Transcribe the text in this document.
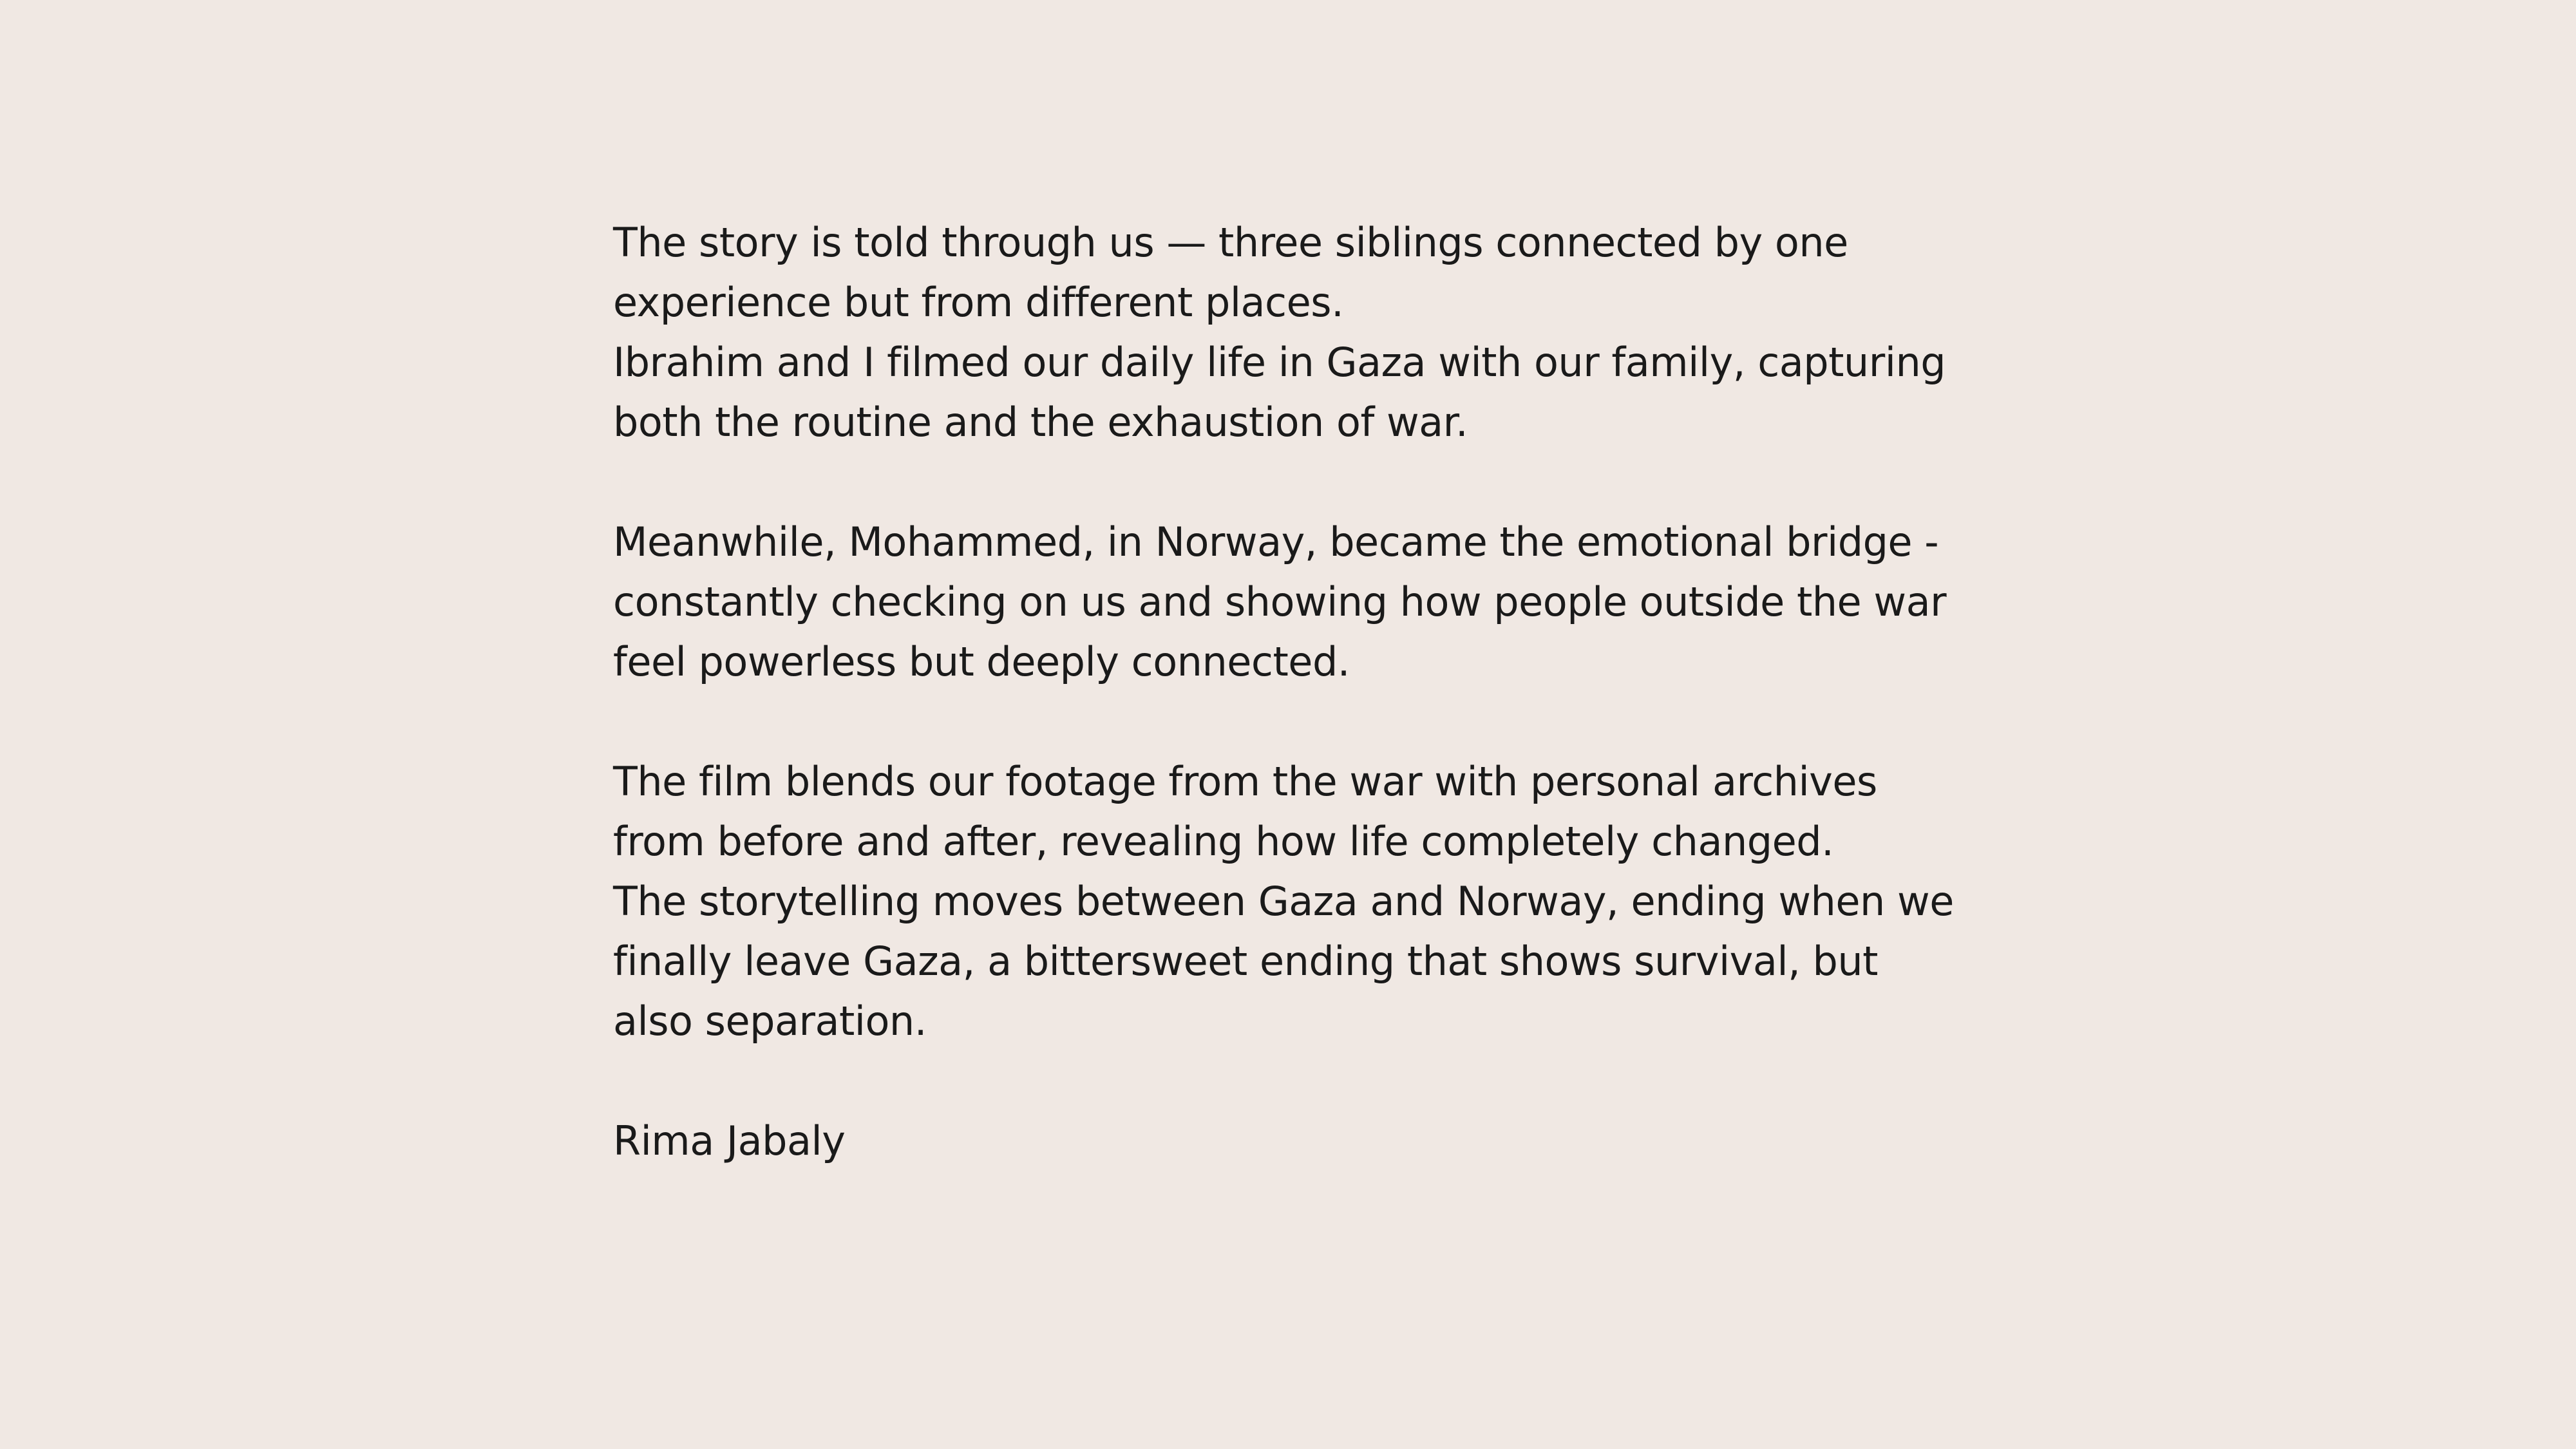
The story is told through us — three siblings connected by one
experience but from different places.
Ibrahim and I filmed our daily life in Gaza with our family, capturing
both the routine and the exhaustion of war.
Meanwhile, Mohammed, in Norway, became the emotional bridge -
constantly checking on us and showing how people outside the war
feel powerless but deeply connected.
The film blends our footage from the war with personal archives
from before and after, revealing how life completely changed.
The storytelling moves between Gaza and Norway, ending when we
finally leave Gaza, a bittersweet ending that shows survival, but
also separation.
Rima Jabaly
